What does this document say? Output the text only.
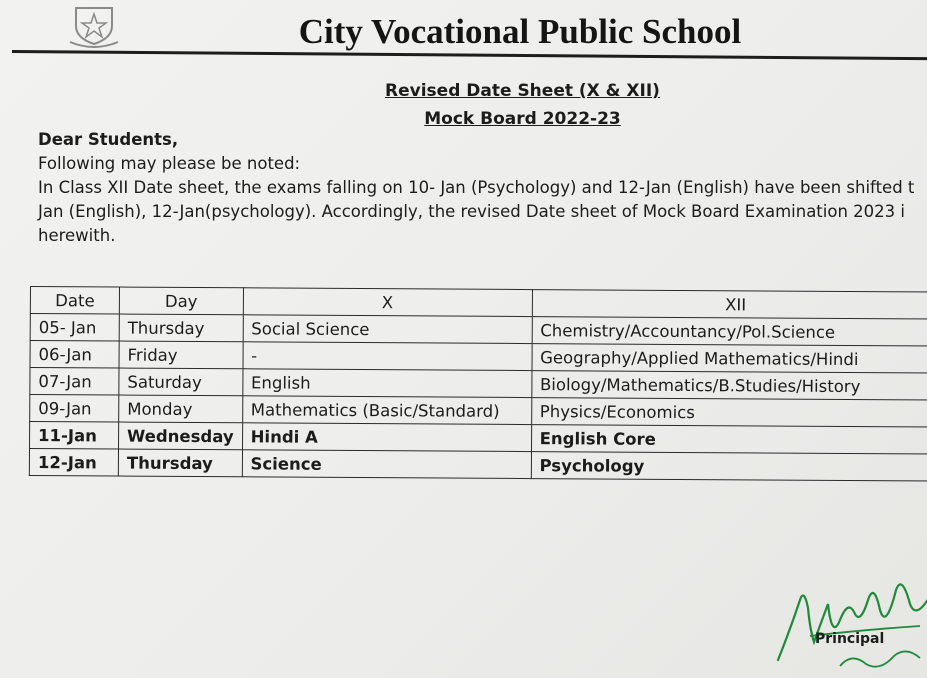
City Vocational Public School
Revised Date Sheet (X & XII)
Mock Board 2022-23
Dear Students,
Following may please be noted:
In Class XII Date sheet, the exams falling on 10- Jan (Psychology) and 12-Jan (English) have been shifted t
Jan (English), 12-Jan(psychology). Accordingly, the revised Date sheet of Mock Board Examination 2023 i
herewith.
Date	Day	X	XII
05- Jan	Thursday	Social Science	Chemistry/Accountancy/Pol.Science
06-Jan	Friday	-	Geography/Applied Mathematics/Hindi
07-Jan	Saturday	English	Biology/Mathematics/B.Studies/History
09-Jan	Monday	Mathematics (Basic/Standard)	Physics/Economics
11-Jan	Wednesday	Hindi A	English Core
12-Jan	Thursday	Science	Psychology
Principal
